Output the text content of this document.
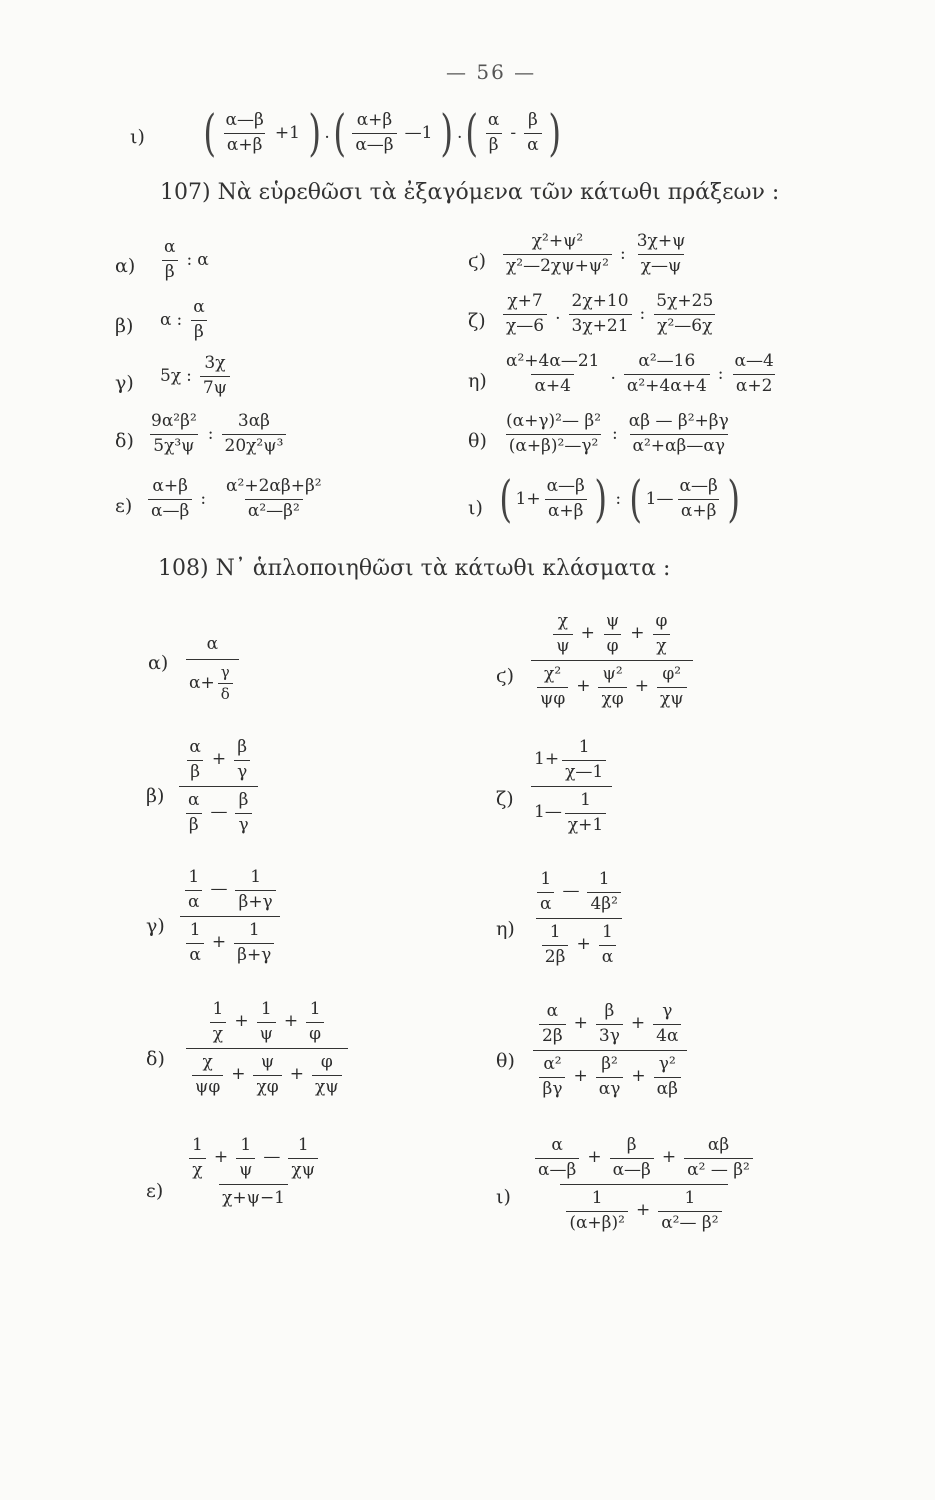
— 56 —
ι) ( $\frac{\alpha—\beta}{\alpha+\beta} +1$ ) . ( $\frac{\alpha+\beta}{\alpha—\beta}$ —1 ) . ( $\frac{\alpha}{\beta} - \frac{\beta}{\alpha}$ )
107) Νὰ εὑρεθῶσι τὰ ἐξαγόμενα τῶν κάτωθι πράξεων :
$\alpha) \frac{\alpha}{\beta}$ : α
β) α : $\frac{\alpha}{\beta}$
γ) 5χ : $\frac{3\chi}{7\psi}$
$\delta) \frac{\text{9α²β²}}{\text{5χ³ψ}}$ : $\frac{3\alpha\beta}{\text{20χ²ψ³}}$
$\varepsilon) \frac{\alpha+\beta}{\alpha—\beta}$ : $\frac{\text{α²+2αβ+β²}}{\text{α²—β²}}$
$ϛ) \frac{\text{χ²+ψ²}}{\text{χ²—2χψ+ψ²}}$ : $\frac{3\chi+\psi}{\chi—\psi}$
$\zeta) \frac{\chi+7}{\chi—6}$ . $\frac{2\chi+10}{3\chi+21}$ : $\frac{5\chi+25}{\text{χ²—6χ}}$
$\eta) \frac{\text{α²+4α—21}}{\alpha+4}$ . $\frac{\text{α²—16}}{\text{α²+4α+4}}$ : $\frac{\alpha—4}{\alpha+2}$
$\theta) \frac{\text{(α+γ)²— β²}}{\text{(α+β)²—γ²}}$ : $\frac{\text{αβ — β²+βγ}}{\text{α²+αβ—αγ}}$
ι) ( $1+ \frac{\alpha—\beta}{\alpha+\beta}$ ) : ( 1— $\frac{\alpha—\beta}{\alpha+\beta}$ )
108) Ν᾽ ἁπλοποιηθῶσι τὰ κάτωθι κλάσματα :
$\alpha) \frac{\alpha}{\alpha+ \frac{\gamma}{\delta}}$
$\beta) \frac{\frac{\alpha}{\beta} + \frac{\beta}{\gamma}}{\frac{\alpha}{\beta} — \frac{\beta}{\gamma}}$
$\gamma) \frac{\frac{1}{\alpha} — \frac{1}{\beta+\gamma}}{\frac{1}{\alpha} + \frac{1}{\beta+\gamma}}$
$\delta) \frac{\frac{1}{\chi} + \frac{1}{\psi} + \frac{1}{\varphi}}{\frac{\chi}{\psi\varphi} + \frac{\psi}{\chi\varphi} + \frac{\varphi}{\chi\psi}}$
$\varepsilon) \frac{\frac{1}{\chi} + \frac{1}{\psi} — \frac{1}{\chi\psi}}{\chi+\psi-1}$
$ϛ) \frac{\frac{\chi}{\psi} + \frac{\psi}{\varphi} + \frac{\varphi}{\chi}}{\frac{\text{χ²}}{\psi\varphi} + \frac{\text{ψ²}}{\chi\varphi} + \frac{\text{φ²}}{\chi\psi}}$
$\zeta) \frac{1+ \frac{1}{\chi—1}}{1— \frac{1}{\chi+1}}$
$\eta) \frac{\frac{1}{\alpha} — \frac{1}{\text{4β²}}}{\frac{1}{2\beta} + \frac{1}{\alpha}}$
$\theta) \frac{\frac{\alpha}{2\beta} + \frac{\beta}{3\gamma} + \frac{\gamma}{4\alpha}}{\frac{\text{α²}}{\beta\gamma} + \frac{\text{β²}}{\alpha\gamma} + \frac{\text{γ²}}{\alpha\beta}}$
$\iota) \frac{\frac{\alpha}{\alpha—\beta} + \frac{\beta}{\alpha—\beta} + \frac{\alpha\beta}{\text{α² — β²}}}{\frac{1}{\text{(α+β)²}} + \frac{1}{\text{α²— β²}}}$
